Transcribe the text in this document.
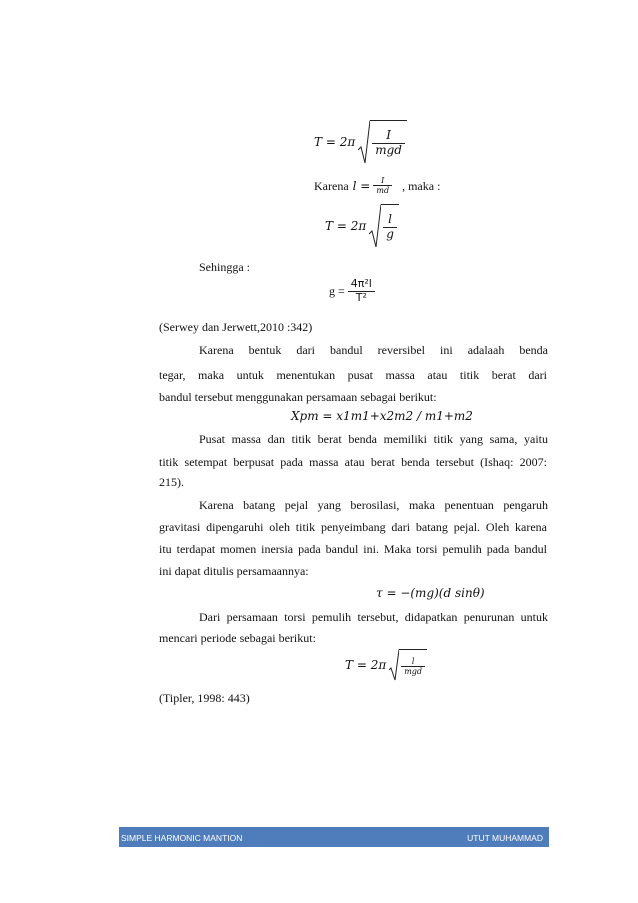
$T = 2\pi \frac{I}{\text{mgd}}$
Karena $l = \frac{I}{md}$ , maka :
$T = 2\pi \frac{l}{g}$
Sehingga :
$g = \frac{\text{4π²l}}{\text{T²}}$
(Serwey dan Jerwett,2010 :342)
Karena bentuk dari bandul reversibel ini adalaah benda
tegar, maka untuk menentukan pusat massa atau titik berat dari
bandul tersebut menggunakan persamaan sebagai berikut:
Xpm = x1m1+x2m2 / m1+m2
Pusat massa dan titik berat benda memiliki titik yang sama, yaitu
titik setempat berpusat pada massa atau berat benda tersebut (Ishaq: 2007:
215).
Karena batang pejal yang berosilasi, maka penentuan pengaruh
gravitasi dipengaruhi oleh titik penyeimbang dari batang pejal. Oleh karena
itu terdapat momen inersia pada bandul ini. Maka torsi pemulih pada bandul
ini dapat ditulis persamaannya:
τ = −(mg)(d sinθ)
Dari persamaan torsi pemulih tersebut, didapatkan penurunan untuk
mencari periode sebagai berikut:
$T = 2\pi \frac{l}{\text{mgd}}$
(Tipler, 1998: 443)
SIMPLE HARMONIC MANTION	UTUT MUHAMMAD
